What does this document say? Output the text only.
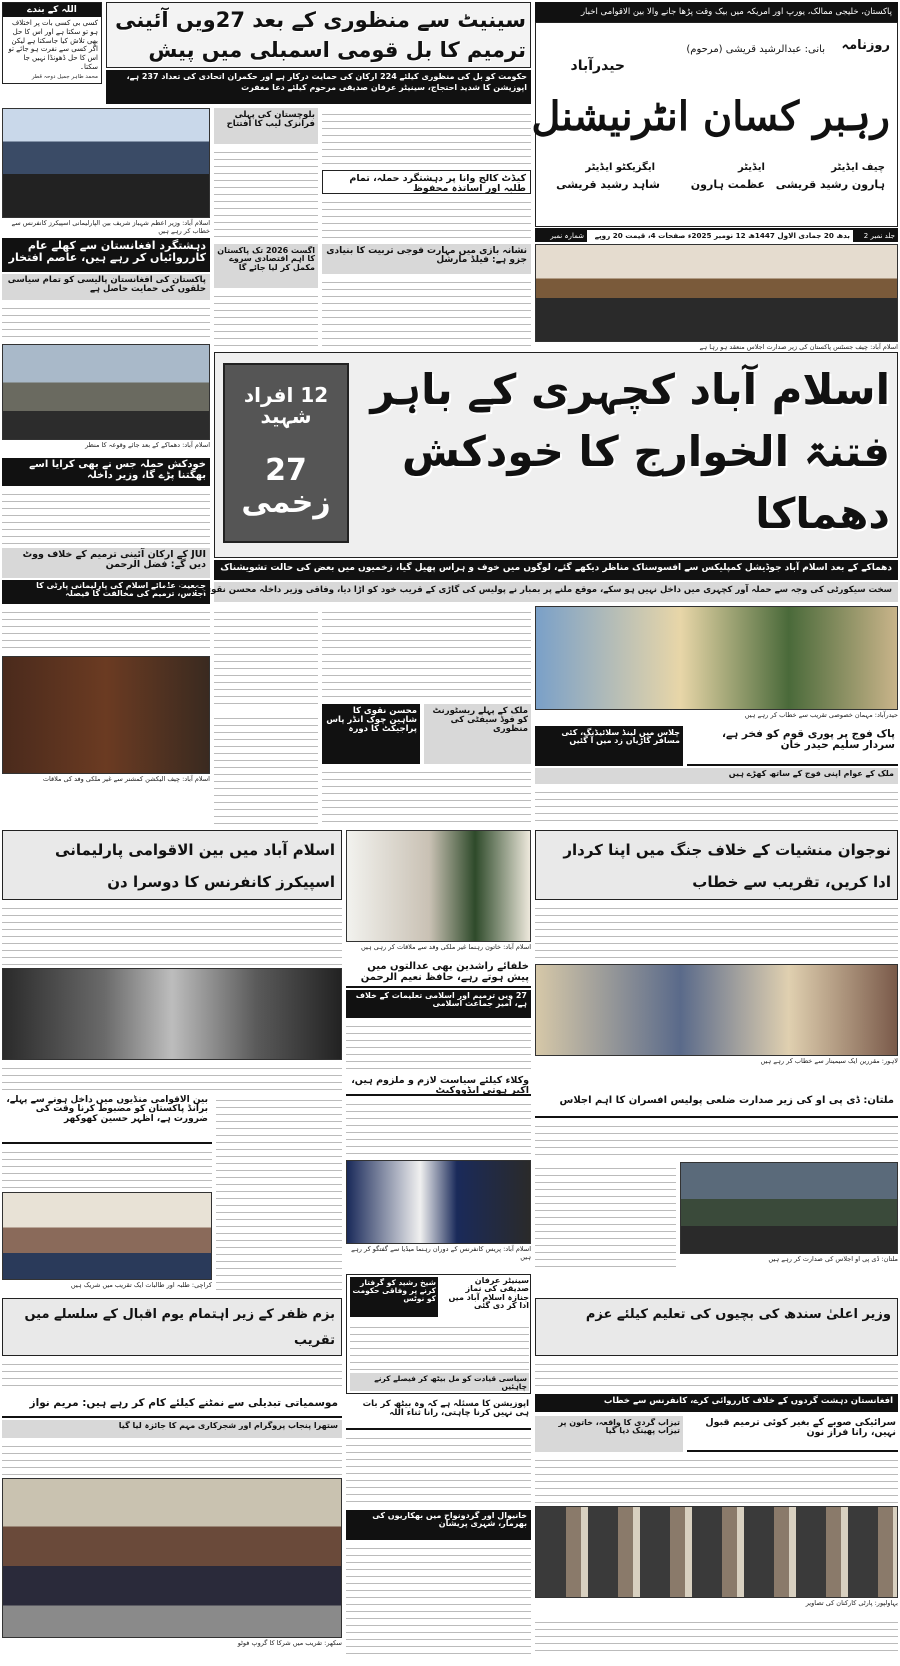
پاکستان، خلیجی ممالک، یورپ اور امریکہ میں بیک وقت پڑھا جانے والا بین الاقوامی اخبار
روزنامہ
بانی: عبدالرشید قریشی (مرحوم)
حیدرآباد
رہبر کسان انٹرنیشنل
چیف ایڈیٹر
ایڈیٹر
ایگزیکٹو ایڈیٹر
ہارون رشید قریشی
عظمت ہارون
شاہد رشید قریشی
جلد نمبر 2
بدھ 20 جمادی الاول 1447ھ 12 نومبر 2025ء صفحات 4، قیمت 20 روپے
شمارہ نمبر
اللہ کے بندے
کسی بی کسی بات پر اختلاف ہو تو سکتا ہے اور اس کا حل بھی تلاش کیا جاسکتا ہے لیکن اگر کسی سے نفرت ہو جائے تو اس کا حل ڈھونڈا نہیں جا سکتا۔
محمد طاہر جمیل دوحہ قطر
سینیٹ سے منظوری کے بعد 27ویں آئینی ترمیم کا بل قومی اسمبلی میں پیش
حکومت کو بل کی منظوری کیلئے 224 ارکان کی حمایت درکار ہے اور حکمران اتحادی کی تعداد 237 ہے، اپوزیشن کا شدید احتجاج، سینیٹر عرفان صدیقی مرحوم کیلئے دعا مغفرت
اسلام آباد: وزیر اعظم شہباز شریف بین الپارلیمانی اسپیکرز کانفرنس سے خطاب کر رہے ہیں
دہشتگرد افغانستان سے کھلے عام کارروائیاں کر رہے ہیں، عاصم افتخار
پاکستان کی افغانستان پالیسی کو تمام سیاسی حلقوں کی حمایت حاصل ہے
اسلام آباد: دھماکے کے بعد جائے وقوعہ کا منظر
خودکش حملہ جس نے بھی کرایا اسے بھگتنا پڑے گا، وزیر داخلہ
JUI کے ارکان آئینی ترمیم کے خلاف ووٹ دیں گے: فضل الرحمن
جمعیت علمائے اسلام کی پارلیمانی پارٹی کا اجلاس، ترمیم کی مخالفت کا فیصلہ
اسلام آباد: چیف الیکشن کمشنر سے غیر ملکی وفد کی ملاقات
بلوچستان کی پہلی فرانزک لیب کا افتتاح
اگست 2026 تک پاکستان کا اہم اقتصادی سروے مکمل کر لیا جائے گا
کیڈٹ کالج وانا پر دہشتگرد حملہ، تمام طلبہ اور اساتذہ محفوظ
نشانہ بازی میں مہارت فوجی تربیت کا بنیادی جزو ہے: فیلڈ مارشل
اسلام آباد: چیف جسٹس پاکستان کی زیر صدارت اجلاس منعقد ہو رہا ہے
اسلام آباد کچہری کے باہر فتنۃ الخوارج کا خودکش دھماکا
12 افراد شہید
27 زخمی
دھماکے کے بعد اسلام آباد جوڈیشل کمپلیکس سے افسوسناک مناظر دیکھے گئے، لوگوں میں خوف و ہراس پھیل گیا، زخمیوں میں بعض کی حالت تشویشناک
سخت سیکورٹی کی وجہ سے حملہ آور کچہری میں داخل نہیں ہو سکے، موقع ملنے پر بمبار نے پولیس کی گاڑی کے قریب خود کو اڑا دیا، وفاقی وزیر داخلہ محسن نقوی کی گفتگو
محسن نقوی کا شاہین چوک انڈر پاس پراجیکٹ کا دورہ
ملک کے پہلے ریسٹورنٹ کو فوڈ سیفٹی کی منظوری
حیدرآباد: مہمان خصوصی تقریب سے خطاب کر رہے ہیں
چلاس میں لینڈ سلائیڈنگ، کئی مسافر گاڑیاں زد میں آ گئیں
پاک فوج پر پوری قوم کو فخر ہے، سردار سلیم حیدر خان
ملک کے عوام اپنی فوج کے ساتھ کھڑے ہیں
اسلام آباد میں بین الاقوامی پارلیمانی اسپیکرز کانفرنس کا دوسرا دن
اسلام آباد: خاتون رہنما غیر ملکی وفد سے ملاقات کر رہی ہیں
نوجوان منشیات کے خلاف جنگ میں اپنا کردار ادا کریں، تقریب سے خطاب
لاہور: مقررین ایک سیمینار سے خطاب کر رہے ہیں
خلفائے راشدین بھی عدالتوں میں پیش ہوتے رہے، حافظ نعیم الرحمن
27 ویں ترمیم اور اسلامی تعلیمات کے خلاف ہے، امیر جماعت اسلامی
وکلاء کیلئے سیاست لازم و ملزوم ہیں، اکبر ہوتی ایڈووکیٹ
بین الاقوامی منڈیوں میں داخل ہونے سے پہلے، برانڈ پاکستان کو مضبوط کرنا وقت کی ضرورت ہے، اظہر حسین کھوکھر
کراچی: طلبہ اور طالبات ایک تقریب میں شریک ہیں
اسلام آباد: پریس کانفرنس کے دوران رہنما میڈیا سے گفتگو کر رہے ہیں
ملتان: ڈی پی او کی زیر صدارت ضلعی پولیس افسران کا اہم اجلاس
ملتان: ڈی پی او اجلاس کی صدارت کر رہے ہیں
بزم ظفر کے زیر اہتمام یوم اقبال کے سلسلے میں تقریب
وزیر اعلیٰ سندھ کی بچیوں کی تعلیم کیلئے عزم
سینیٹر عرفان صدیقی کی نماز جنازہ اسلام آباد میں ادا کر دی گئی
شیخ رشید کو گرفتار کرنے پر وفاقی حکومت کو نوٹس
سیاسی قیادت کو مل بیٹھ کر فیصلے کرنے چاہئیں
افغانستان دہشت گردوں کے خلاف کارروائی کرے، کانفرنس سے خطاب
موسمیاتی تبدیلی سے نمٹنے کیلئے کام کر رہے ہیں: مریم نواز
ستھرا پنجاب پروگرام اور شجرکاری مہم کا جائزہ لیا گیا
سکھر: تقریب میں شرکا کا گروپ فوٹو
اپوزیشن کا مسئلہ ہے کہ وہ بیٹھ کر بات ہی نہیں کرنا چاہتی، رانا ثناء اللہ
خانیوال اور گردونواح میں بھکاریوں کی بھرمار، شہری پریشان
سرائیکی صوبے کے بغیر کوئی ترمیم قبول نہیں، رانا فراز نون
تیزاب گردی کا واقعہ، خاتون پر تیزاب پھینک دیا گیا
بہاولپور: پارٹی کارکنان کی تصاویر
